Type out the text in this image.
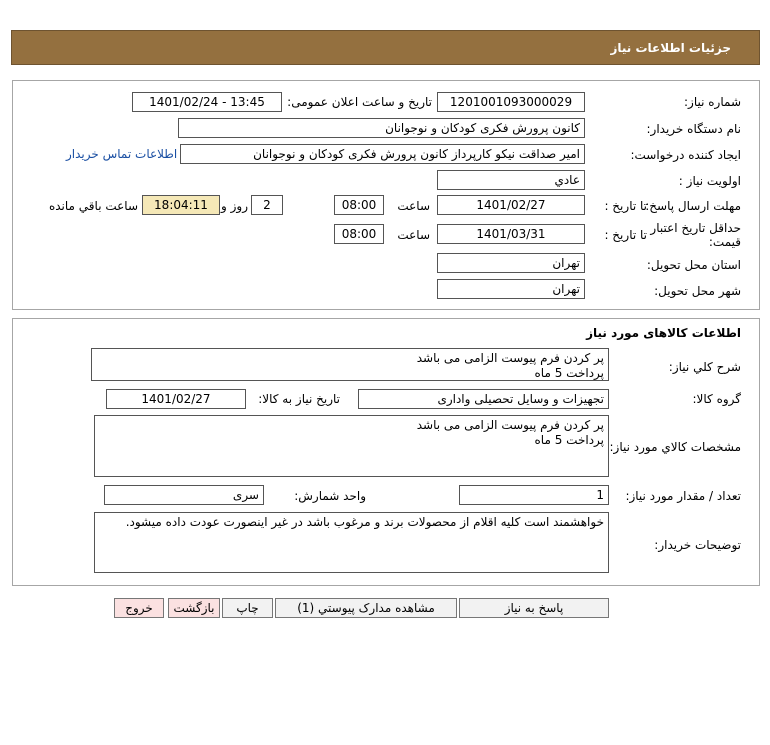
جزئیات اطلاعات نیاز
شماره نیاز:
1201001093000029
تاریخ و ساعت اعلان عمومی:
1401/02/24 - 13:45
نام دستگاه خریدار:
کانون پرورش فکری کودکان و نوجوانان
ایجاد کننده درخواست:
امیر صداقت نیکو کارپرداز کانون پرورش فکری کودکان و نوجوانان
اطلاعات تماس خریدار
اولویت نیاز :
عادي
مهلت ارسال پاسخ:
تا تاریخ :
1401/02/27
ساعت
08:00
2
روز و
18:04:11
ساعت باقي مانده
حداقل تاریخ اعتبار
قیمت:
تا تاریخ :
1401/03/31
ساعت
08:00
استان محل تحویل:
تهران
شهر محل تحویل:
تهران
اطلاعات کالاهای مورد نیاز
شرح کلي نیاز:
پر کردن فرم پیوست الزامی می باشد
پرداخت 5 ماه
گروه کالا:
تجهیزات و وسایل تحصیلی واداری
تاریخ نیاز به کالا:
1401/02/27
مشخصات کالاي مورد نیاز:
پر کردن فرم پیوست الزامی می باشد
پرداخت 5 ماه
تعداد / مقدار مورد نیاز:
1
واحد شمارش:
سری
توضیحات خریدار:
خواهشمند است کلیه اقلام از محصولات برند و مرغوب باشد در غیر اینصورت عودت داده میشود.
پاسخ به نیاز
مشاهده مدارک پیوستي (1)
چاپ
بازگشت
خروج
